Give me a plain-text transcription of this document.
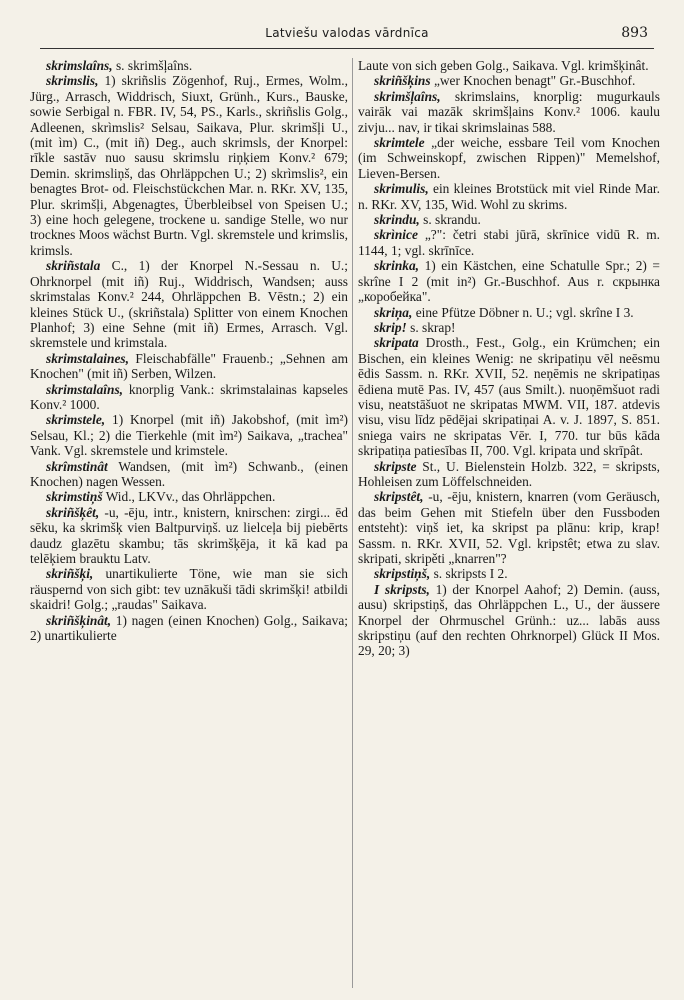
Latviešu valodas vārdnīca	893

skrimslaîns, s. skrimšļaîns.

skrimslis, 1) skriñslis Zögenhof, Ruj., Ermes, Wolm., Jürg., Arrasch, Widdrisch, Siuxt, Grünh., Kurs., Bauske, sowie Serbigal n. FBR. IV, 54, PS., Karls., skriñslis Golg., Adleenen, skrìmslis² Selsau, Saikava, Plur. skrimšļi U., (mit ìm) C., (mit iñ) Deg., auch skrimsls, der Knorpel: rīkle sastāv nuo sausu skrimslu riņķiem Konv.² 679; Demin. skrimsliņš, das Ohrläppchen U.; 2) skrìmslis², ein benagtes Brot- od. Fleischstückchen Mar. n. RKr. XV, 135, Plur. skrimšļi, Abgenagtes, Überbleibsel von Speisen U.; 3) eine hoch gelegene, trockene u. sandige Stelle, wo nur trocknes Moos wächst Burtn. Vgl. skremstele und krimslis, krimsls.

skriñstala C., 1) der Knorpel N.-Sessau n. U.; Ohrknorpel (mit iñ) Ruj., Widdrisch, Wandsen; auss skrimstalas Konv.² 244, Ohrläppchen B. Vēstn.; 2) ein kleines Stück U., (skriñstala) Splitter von einem Knochen Planhof; 3) eine Sehne (mit iñ) Ermes, Arrasch. Vgl. skremstele und krimstala.

skrimstalaines, Fleischabfälle" Frauenb.; „Sehnen am Knochen" (mit iñ) Serben, Wilzen.

skrimstalaîns, knorplig Vank.: skrimstalainas kapseles Konv.² 1000.

skrimstele, 1) Knorpel (mit iñ) Jakobshof, (mit ìm²) Selsau, Kl.; 2) die Tierkehle (mit ìm²) Saikava, „trachea" Vank. Vgl. skremstele und krimstele.

skrîmstinât Wandsen, (mit ìm²) Schwanb., (einen Knochen) nagen Wessen.

skrimstiņš Wid., LKVv., das Ohrläppchen.

skriñšķêt, -u, -ēju, intr., knistern, knirschen: zirgi... ēd sēku, ka skrimšķ vien Baltpurviņš. uz lielceļa bij piebērts daudz glazētu skambu; tās skrimšķēja, it kā kad pa telēķiem brauktu Latv.

skriñšķi, unartikulierte Töne, wie man sie sich räuspernd von sich gibt: tev uznākuši tādi skrimšķi! atbildi skaidri! Golg.; „raudas" Saikava.

skriñšķinât, 1) nagen (einen Knochen) Golg., Saikava; 2) unartikulierte

Laute von sich geben Golg., Saikava. Vgl. krimšķinât.

skriñšķins „wer Knochen benagt" Gr.-Buschhof.

skrimšļaîns, skrimslains, knorplig: mugurkauls vairāk vai mazāk skrimšļains Konv.² 1006. kaulu zivju... nav, ir tikai skrimslainas 588.

skrimtele „der weiche, essbare Teil vom Knochen (im Schweinskopf, zwischen Rippen)" Memelshof, Lieven-Bersen.

skrimulis, ein kleines Brotstück mit viel Rinde Mar. n. RKr. XV, 135, Wid. Wohl zu skrims.

skrindu, s. skrandu.

skrìnice „?": četri stabi jūrā, skrīnice vidū R. m. 1144, 1; vgl. skrīnīce.

skrinka, 1) ein Kästchen, eine Schatulle Spr.; 2) = skrîne I 2 (mit in²) Gr.-Buschhof. Aus r. скрынка „коробейка".

skriņa, eine Pfütze Döbner n. U.; vgl. skrîne I 3.

skrip! s. skrap!

skripata Drosth., Fest., Golg., ein Krümchen; ein Bischen, ein kleines Wenig: ne skripatiņu vēl neēsmu ēdis Sassm. n. RKr. XVII, 52. neņēmis ne skripatiņas ēdiena mutē Pas. IV, 457 (aus Smilt.). nuoņēmšuot radi visu, neatstāšuot ne skripatas MWM. VII, 187. atdevis visu, visu līdz pēdējai skripatiņai A. v. J. 1897, S. 851. sniega vairs ne skripatas Vēr. I, 770. tur būs kāda skripatiņa patiesības II, 700. Vgl. kripata und skrīpât.

skripste St., U. Bielenstein Holzb. 322, = skripsts, Hohleisen zum Löffelschneiden.

skripstêt, -u, -ēju, knistern, knarren (vom Geräusch, das beim Gehen mit Stiefeln über den Fussboden entsteht): viņš iet, ka skripst pa plānu: krip, krap! Sassm. n. RKr. XVII, 52. Vgl. kripstêt; etwa zu slav. skripati, skripěti „knarren"?

skripstiņš, s. skripsts I 2.

I skripsts, 1) der Knorpel Aahof; 2) Demin. (auss, ausu) skripstiņš, das Ohrläppchen L., U., der äussere Knorpel der Ohrmuschel Grünh.: uz... labās auss skripstiņu (auf den rechten Ohrknorpel) Glück II Mos. 29, 20; 3)
